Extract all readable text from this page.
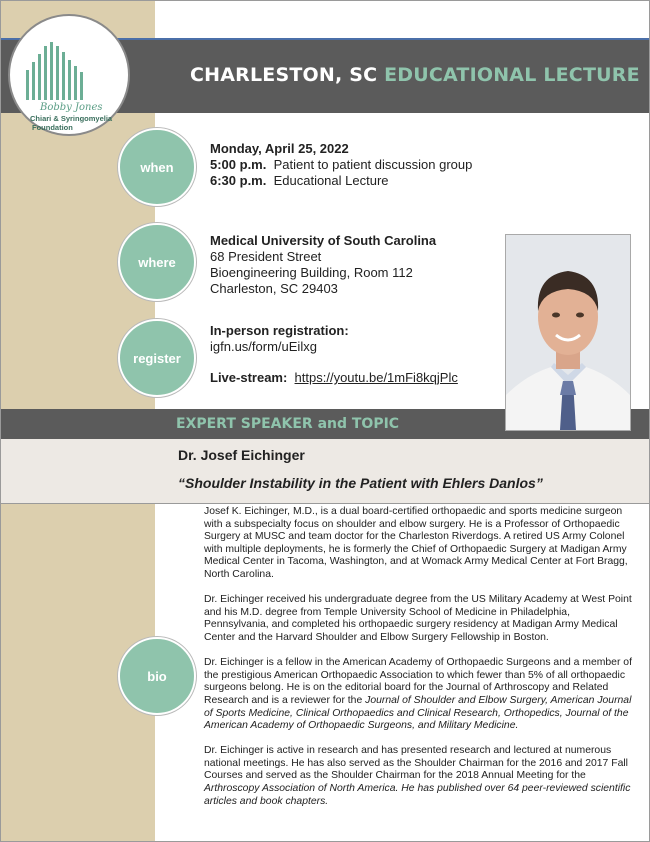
CHARLESTON, SC EDUCATIONAL LECTURE
Bobby Jones
Chiari & Syringomyelia
Foundation
when
Monday, April 25, 2022
5:00 p.m. Patient to patient discussion group
6:30 p.m. Educational Lecture
where
Medical University of South Carolina
68 President Street
Bioengineering Building, Room 112
Charleston, SC 29403
register
In-person registration:
igfn.us/form/uEilxg
Live-stream: https://youtu.be/1mFi8kqjPlc
EXPERT SPEAKER and TOPIC
Dr. Josef Eichinger
“Shoulder Instability in the Patient with Ehlers Danlos”
bio

Josef K. Eichinger, M.D., is a dual board-certified orthopaedic and sports medicine surgeon with a subspecialty focus on shoulder and elbow surgery. He is a Professor of Orthopaedic Surgery at MUSC and team doctor for the Charleston Riverdogs. A retired US Army Colonel with multiple deployments, he is formerly the Chief of Orthopaedic Surgery at Madigan Army Medical Center in Tacoma, Washington, and at Womack Army Medical Center at Fort Bragg, North Carolina.

Dr. Eichinger received his undergraduate degree from the US Military Academy at West Point and his M.D. degree from Temple University School of Medicine in Philadelphia, Pennsylvania, and completed his orthopaedic surgery residency at Madigan Army Medical Center and the Harvard Shoulder and Elbow Surgery Fellowship in Boston.

Dr. Eichinger is a fellow in the American Academy of Orthopaedic Surgeons and a member of the prestigious American Orthopaedic Association to which fewer than 5% of all orthopaedic surgeons belong. He is on the editorial board for the Journal of Arthroscopy and Related Research and is a reviewer for the Journal of Shoulder and Elbow Surgery, American Journal of Sports Medicine, Clinical Orthopaedics and Clinical Research, Orthopedics, Journal of the American Academy of Orthopaedic Surgeons, and Military Medicine.

Dr. Eichinger is active in research and has presented research and lectured at numerous national meetings. He has also served as the Shoulder Chairman for the 2016 and 2017 Fall Courses and served as the Shoulder Chairman for the 2018 Annual Meeting for the Arthroscopy Association of North America. He has published over 64 peer-reviewed scientific articles and book chapters.
